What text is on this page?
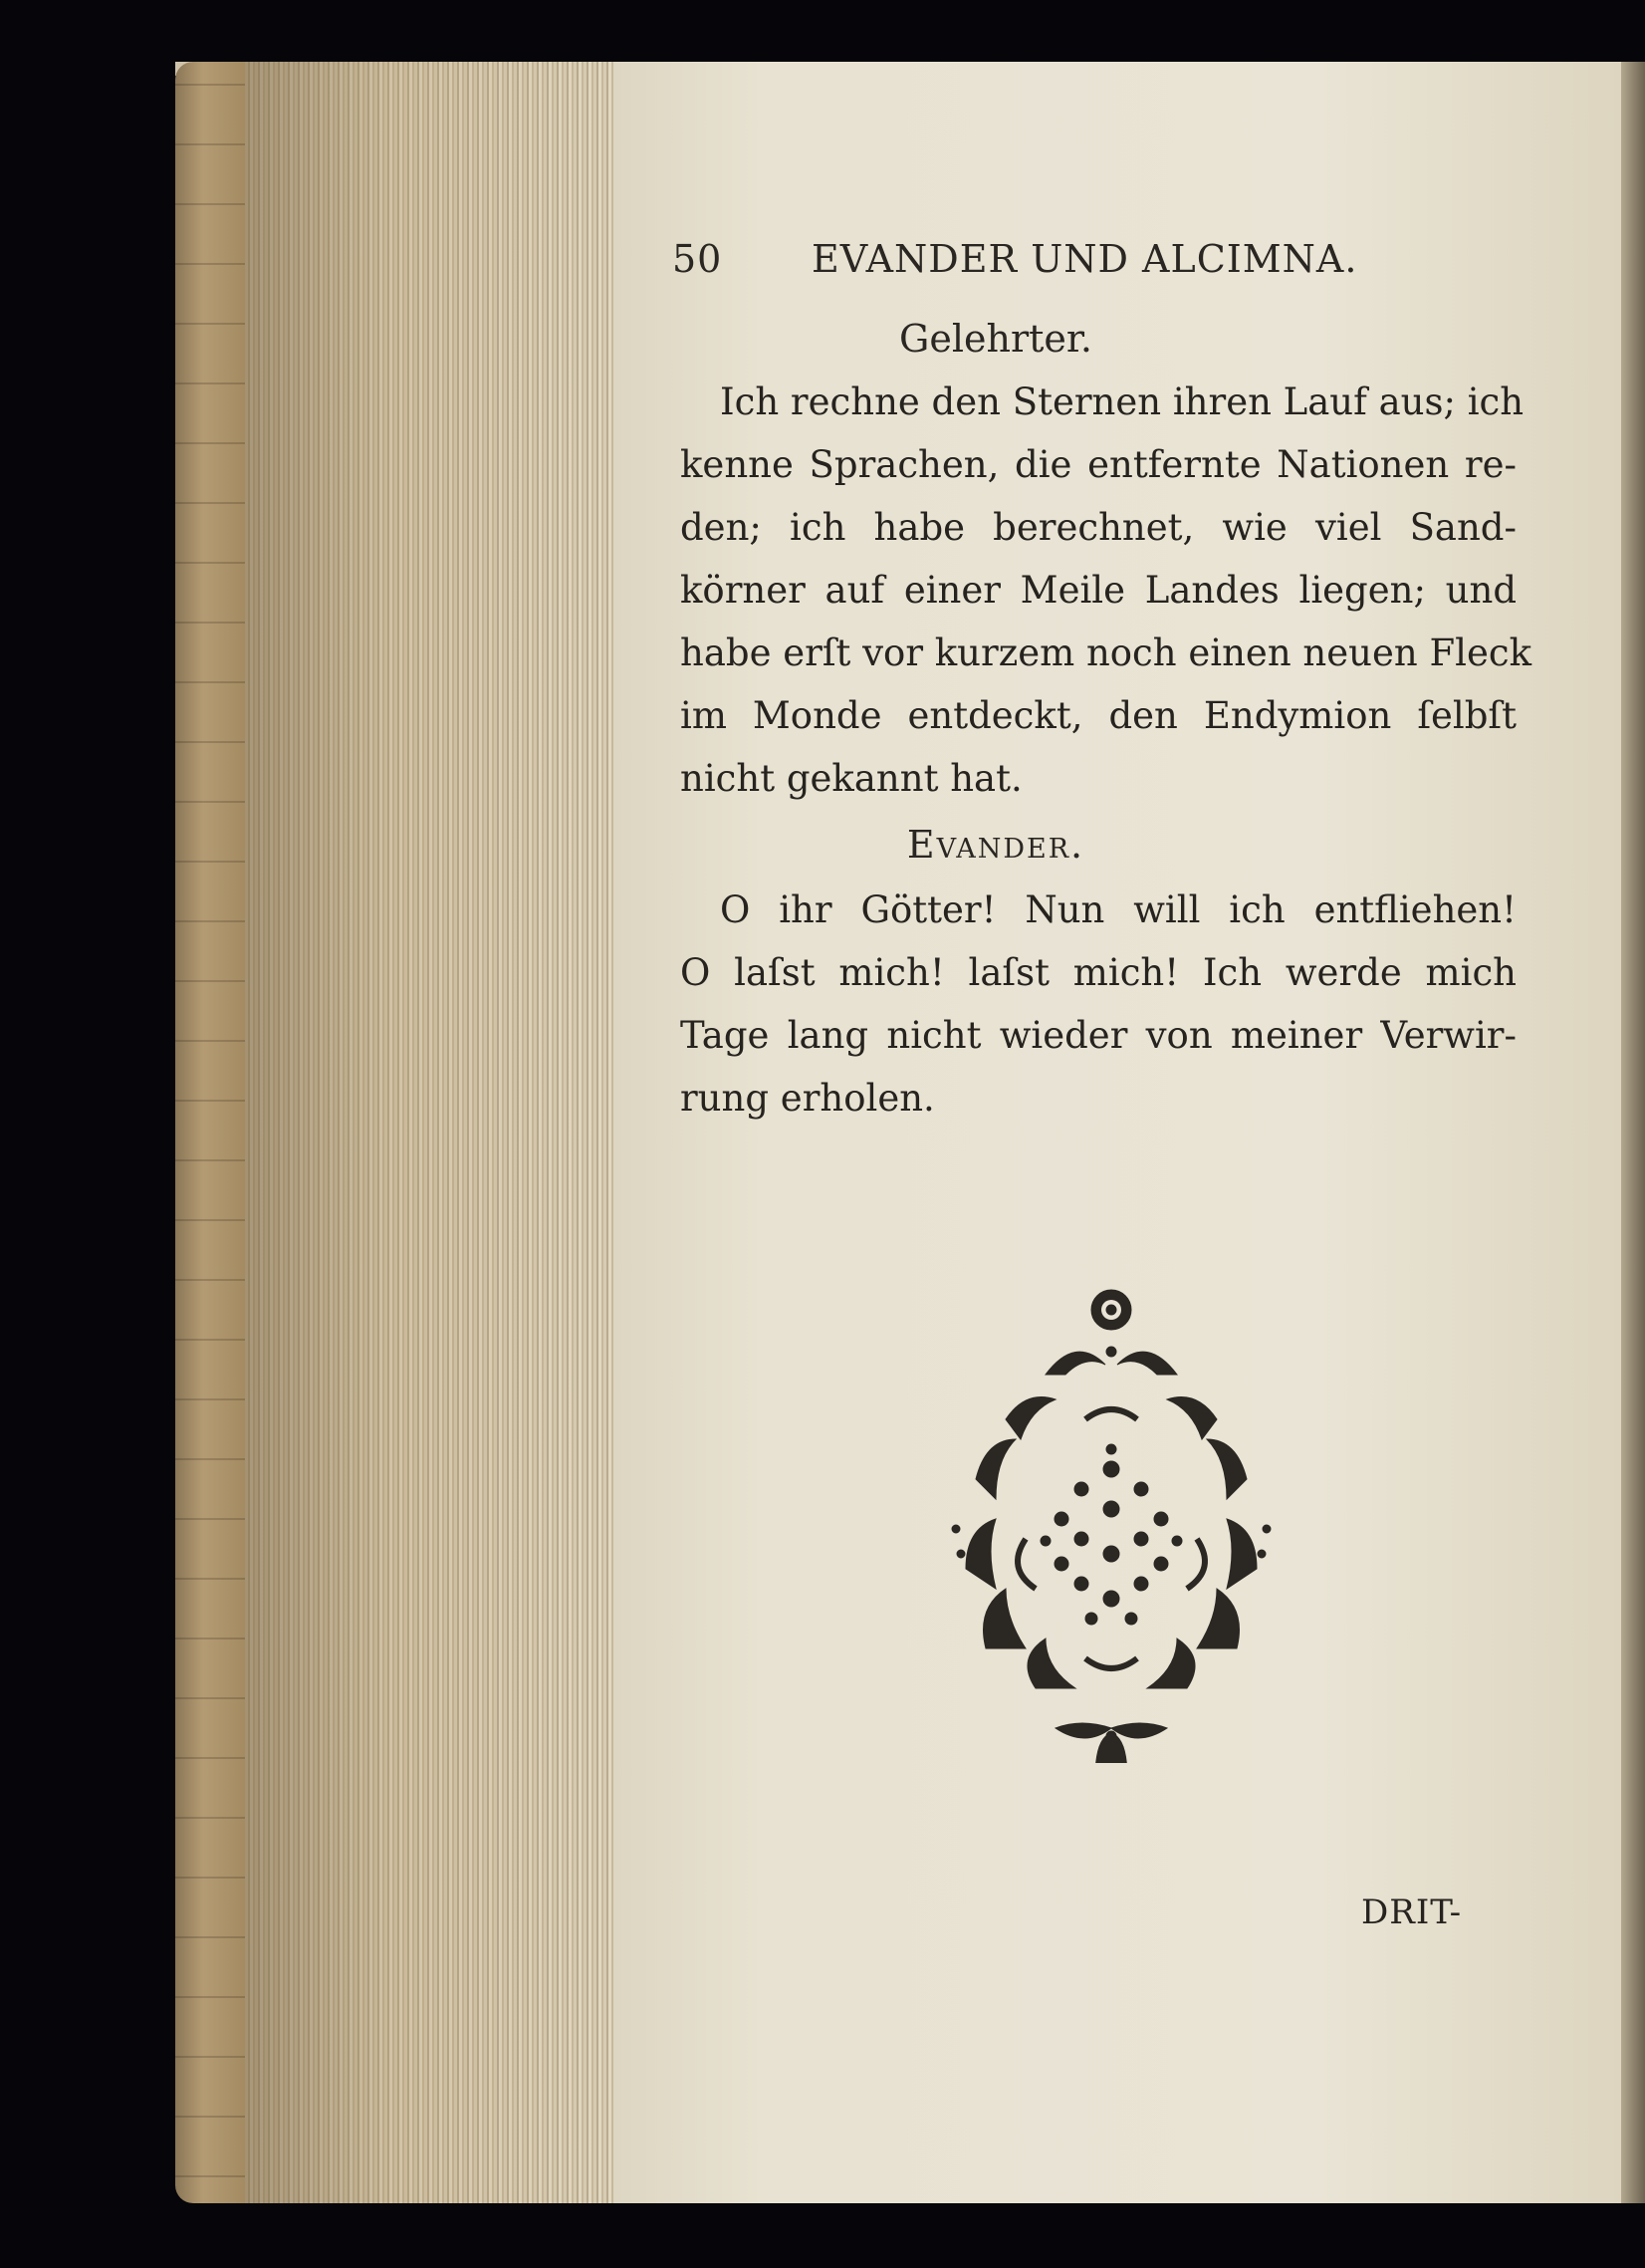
50 EVANDER UND ALCIMNA.
Gelehrter.
Ich rechne den Sternen ihren Lauf aus; ich
kenne Sprachen, die entfernte Nationen re-
den; ich habe berechnet, wie viel Sand-
körner auf einer Meile Landes liegen; und
habe erſt vor kurzem noch einen neuen Fleck
im Monde entdeckt, den Endymion ſelbſt
nicht gekannt hat.
Evander.
O ihr Götter! Nun will ich entfliehen!
O laſst mich! laſst mich! Ich werde mich
Tage lang nicht wieder von meiner Verwir-
rung erholen.
DRIT-
